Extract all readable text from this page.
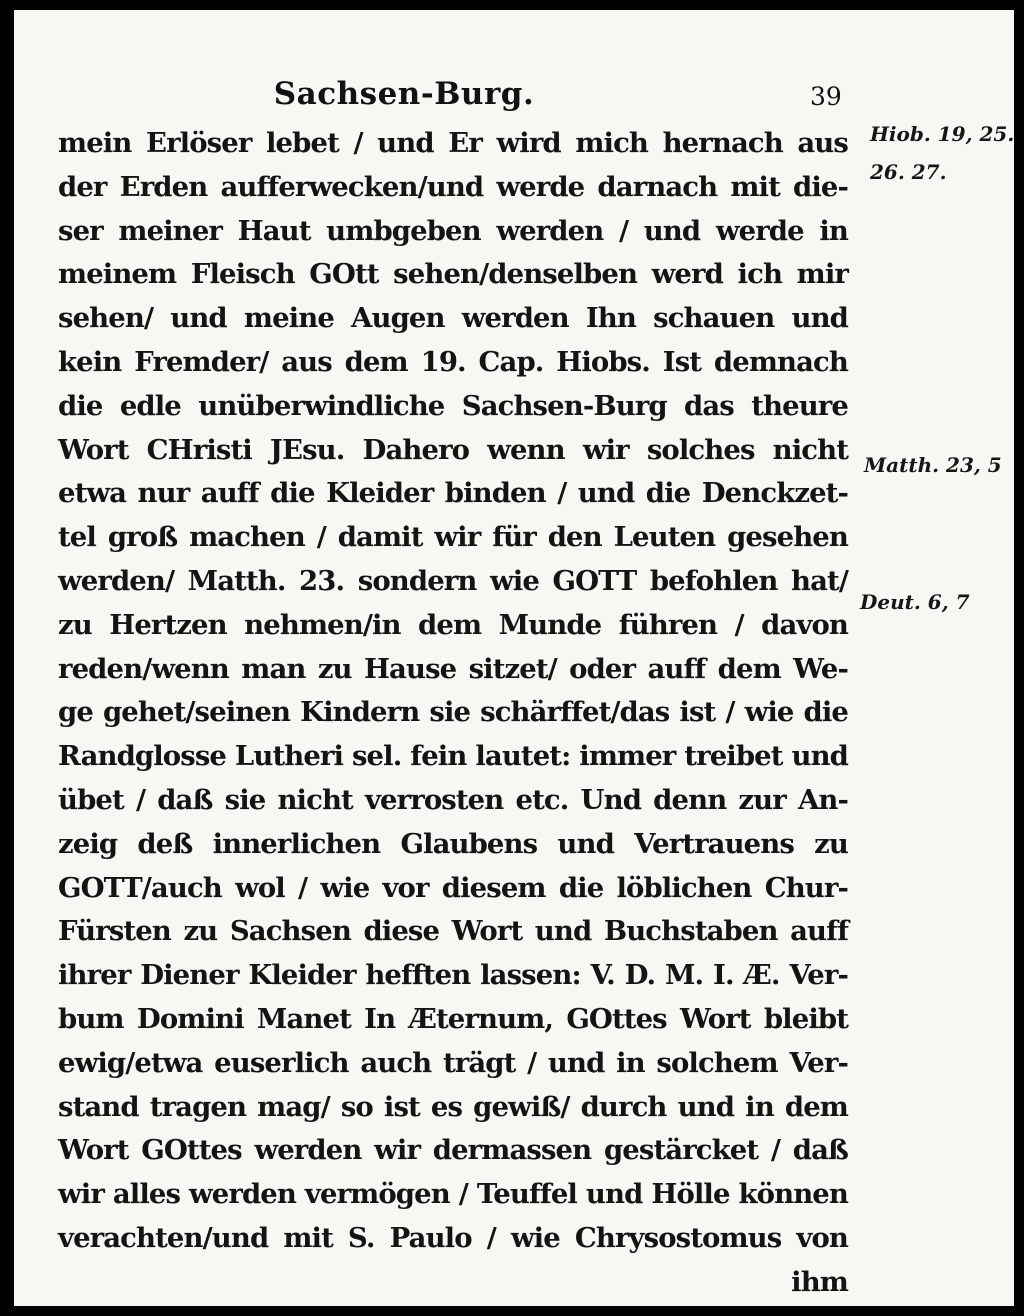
Sachsen-Burg.	39
mein Erlöser lebet / und Er wird mich hernach aus
der Erden aufferwecken/und werde darnach mit die-
ser meiner Haut umbgeben werden / und werde in
meinem Fleisch GOtt sehen/denselben werd ich mir
sehen/ und meine Augen werden Ihn schauen und
kein Fremder/ aus dem 19. Cap. Hiobs. Ist demnach
die edle unüberwindliche Sachsen-Burg das theure
Wort CHristi JEsu. Dahero wenn wir solches nicht
etwa nur auff die Kleider binden / und die Denckzet-
tel groß machen / damit wir für den Leuten gesehen
werden/ Matth. 23. sondern wie GOTT befohlen hat/
zu Hertzen nehmen/in dem Munde führen / davon
reden/wenn man zu Hause sitzet/ oder auff dem We-
ge gehet/seinen Kindern sie schärffet/das ist / wie die
Randglosse Lutheri sel. fein lautet: immer treibet und
übet / daß sie nicht verrosten etc. Und denn zur An-
zeig deß innerlichen Glaubens und Vertrauens zu
GOTT/auch wol / wie vor diesem die löblichen Chur-
Fürsten zu Sachsen diese Wort und Buchstaben auff
ihrer Diener Kleider hefften lassen: V. D. M. I. Æ. Ver-
bum Domini Manet In Æternum, GOttes Wort bleibt
ewig/etwa euserlich auch trägt / und in solchem Ver-
stand tragen mag/ so ist es gewiß/ durch und in dem
Wort GOttes werden wir dermassen gestärcket / daß
wir alles werden vermögen / Teuffel und Hölle können
verachten/und mit S. Paulo / wie Chrysostomus von
ihm
Hiob. 19, 25.
26. 27.
Matth. 23, 5
Deut. 6, 7
